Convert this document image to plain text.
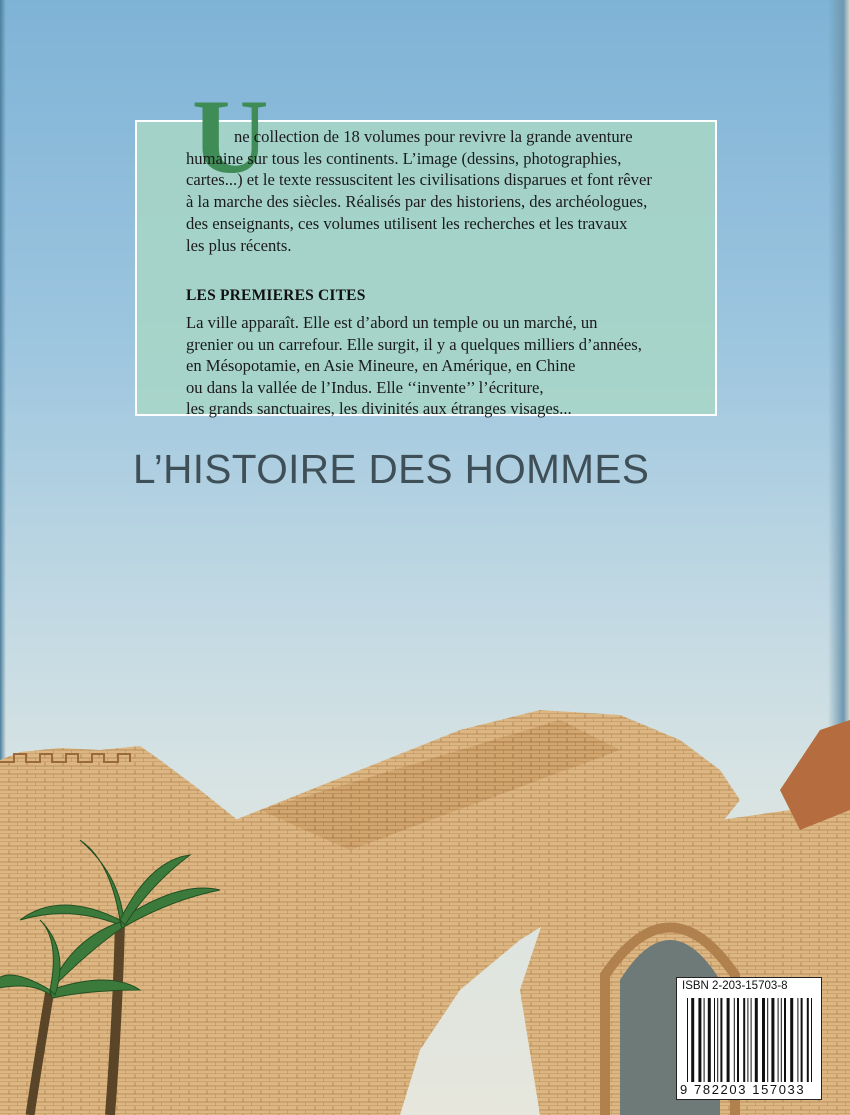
U
ne collection de 18 volumes pour revivre la grande aventure
humaine sur tous les continents. L’image (dessins, photographies,
cartes...) et le texte ressuscitent les civilisations disparues et font rêver
à la marche des siècles. Réalisés par des historiens, des archéologues,
des enseignants, ces volumes utilisent les recherches et les travaux
les plus récents.
LES PREMIERES CITES
La ville apparaît. Elle est d’abord un temple ou un marché, un
grenier ou un carrefour. Elle surgit, il y a quelques milliers d’années,
en Mésopotamie, en Asie Mineure, en Amérique, en Chine
ou dans la vallée de l’Indus. Elle ‘‘invente’’ l’écriture,
les grands sanctuaires, les divinités aux étranges visages...
L’HISTOIRE DES HOMMES
ISBN 2-203-15703-8
9 782203 157033
